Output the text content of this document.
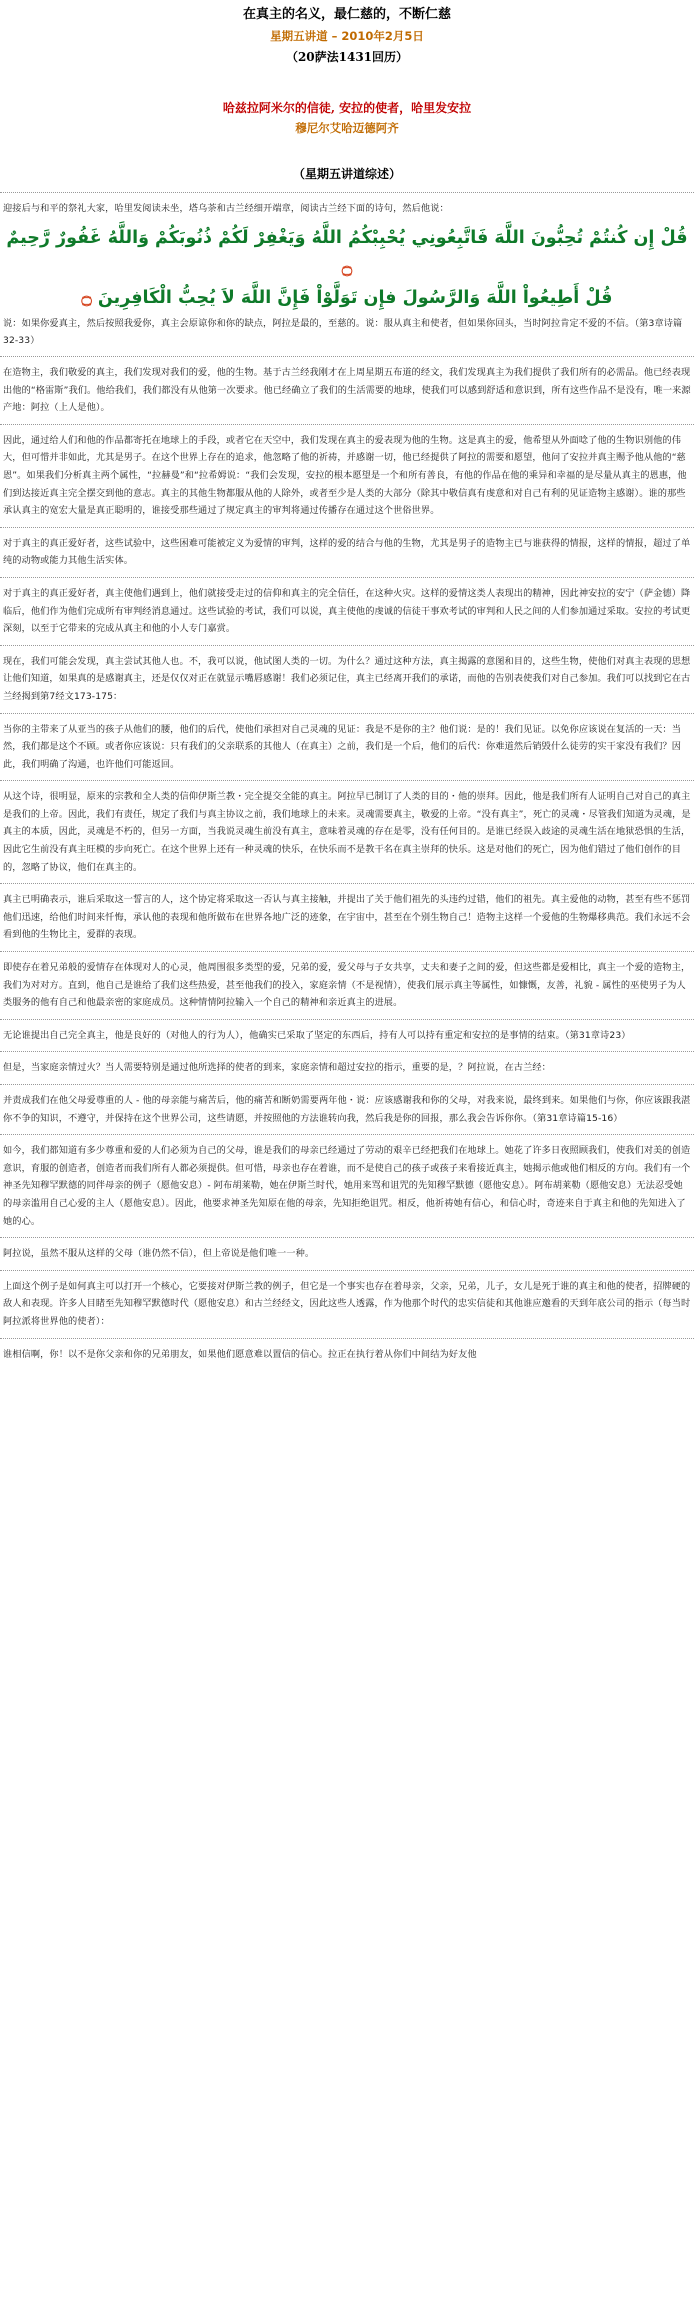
在真主的名义，最仁慈的，不断仁慈
星期五讲道 – 2010年2月5日
（20萨法1431回历）
哈兹拉阿米尔的信徒, 安拉的使者，哈里发安拉
穆尼尔艾哈迈德阿齐
（星期五讲道综述）
迎接后与和平的祭礼大家，哈里发阅读未坐，塔乌荼和古兰经细开端章，阅读古兰经下面的诗句，然后他说：
قُلْ إِن كُنتُمْ تُحِبُّونَ اللَّهَ فَاتَّبِعُونِي يُحْبِبْكُمُ اللَّهُ وَيَغْفِرْ لَكُمْ ذُنُوبَكُمْ وَاللَّهُ غَفُورٌ رَّحِيمٌ ۝
قُلْ أَطِيعُواْ اللَّهَ وَالرَّسُولَ فإِن تَوَلَّوْاْ فَإِنَّ اللَّهَ لاَ يُحِبُّ الْكَافِرِينَ ۝
说：如果你爱真主，然后按照我爱你，真主会原谅你和你的缺点，阿拉是最的，至慈的。说：服从真主和使者，但如果你回头，当时阿拉肯定不爱的不信。（第3章诗篇32-33）
在造物主，我们敬爱的真主，我们发现对我们的爱，他的生物。基于古兰经我刚才在上周星期五布道的经文，我们发现真主为我们提供了我们所有的必需品。他已经表现出他的“格雷斯”我们。他给我们，我们都没有从他第一次要求。他已经确立了我们的生活需要的地球，使我们可以感到舒适和意识到，所有这些作品不是没有，唯一来源产地：阿拉（上人是他）。
因此，通过给人们和他的作品都寄托在地球上的手段，或者它在天空中，我们发现在真主的爱表现为他的生物。这是真主的爱，他希望从外面唸了他的生物识别他的伟大，但可惜并非如此，尤其是男子。在这个世界上存在的追求，他忽略了他的祈祷，并感谢一切，他已经提供了阿拉的需要和愿望，他问了安拉并真主赐予他从他的“慈恩”。如果我们分析真主两个属性，“拉赫曼”和“拉希姆说：“我们会发现，安拉的根本愿望是一个和所有善良，有他的作品在他的乘异和幸福的是尽量从真主的恩惠，他们到达接近真主完全摆交到他的意志。真主的其他生物都服从他的人除外，或者至少是人类的大部分（除其中敬信真有虔意和对自己有利的见证造物主感谢）。谁的那些承认真主的宽宏大量是真正聪明的，谁接受那些通过了规定真主的审判将通过传播存在通过这个世俗世界。
对于真主的真正爱好者，这些试验中，这些困难可能被定义为爱情的审判，这样的爱的结合与他的生物，尤其是男子的造物主已与谁获得的情报，这样的情报，超过了单纯的动物或能力其他生活实体。
对于真主的真正爱好者，真主使他们遇到上，他们就接受走过的信仰和真主的完全信任，在这种火灾。这样的爱情这类人表现出的精神，因此神安拉的安宁（萨金德）降临后，他们作为他们完成所有审判经消息通过。这些试验的考试，我们可以说，真主使他的虔诚的信徒干事欢考试的审判和人民之间的人们参加通过采取。安拉的考试更深刻，以至于它带来的完成从真主和他的小人专门嘉赏。
现在，我们可能会发现，真主尝试其他人也。不，我可以说，他试图人类的一切。为什么？通过这种方法，真主揭露的意图和目的，这些生物，使他们对真主表现的思想让他们知道，如果真的是感谢真主，还是仅仅对正在就显示嘴唇感谢！我们必须记住，真主已经离开我们的承诺，而他的告别表使我们对自己参加。我们可以找到它在古兰经揭到第7经文173-175：
当你的主带来了从亚当的孩子从他们的腰，他们的后代，使他们承担对自己灵魂的见证：我是不是你的主？他们说：是的！我们见证。以免你应该说在复活的一天：当然，我们都是这个不顾。或者你应该说：只有我们的父亲联系的其他人（在真主）之前，我们是一个后，他们的后代：你难道然后销毁什么徒劳的实干家没有我们？因此，我们明确了沟通，也许他们可能返回。
从这个诗，很明显，原来的宗教和全人类的信仰伊斯兰教・完全提交全能的真主。阿拉早已制订了人类的目的・他的崇拜。因此，他是我们所有人证明自己对自己的真主是我们的上帝。因此，我们有责任，规定了我们与真主协议之前，我们地球上的未来。灵魂需要真主，敬爱的上帝。“没有真主”，死亡的灵魂・尽管我们知道为灵魂，是真主的本质，因此，灵魂是不朽的，但另一方面，当我说灵魂生前没有真主，意味着灵魂的存在是零，没有任何目的。是谁已经误入歧途的灵魂生活在地狱恐惧的生活，因此它生前没有真主旺模的步向死亡。在这个世界上还有一种灵魂的快乐，在快乐而不是教干名在真主崇拜的快乐。这是对他们的死亡，因为他们错过了他们创作的目的，忽略了协议，他们在真主的。
真主已明确表示，谁后采取这一誓言的人，这个协定将采取这一否认与真主接触，并提出了关于他们祖先的头违约过错，他们的祖先。真主爱他的动物，甚至有些不惩罚他们迅速，给他们时间来忏悔，承认他的表现和他所做布在世界各地广泛的迹象，在宇宙中，甚至在个别生物自己！造物主这样一个爱他的生物爆移典范。我们永远不会看到他的生物比主，爱群的表现。
即使存在着兄弟般的爱情存在体现对人的心灵，他周围很多类型的爱，兄弟的爱，爱父母与子女共享，丈夫和妻子之间的爱，但这些都是爱相比，真主一个爱的造物主，我们为对对方。直到，他自己是谁给了我们这些热爱，甚至他我们的投入，家庭亲情（不是视情），使我们展示真主等属性，如慷慨，友善，礼貌 - 属性的巫使男子为人类服务的他有自己和他最亲密的家庭成员。这种情情阿拉输入一个自己的精神和亲近真主的进展。
无论谁提出自己完全真主，他是良好的（对他人的行为人），他确实已采取了坚定的东西后，持有人可以持有重定和安拉的是事情的结束。（第31章诗23）
但是，当家庭亲情过火？当人需要特别是通过他所选择的使者的到来，家庭亲情和超过安拉的指示，重要的是，？阿拉说，在古兰经：
并责成我们在他父母爱尊重的人 - 他的母亲能与痛苦后，他的痛苦和断奶需要两年他・说：应该感谢我和你的父母，对我来说，最终到来。如果他们与你，你应该跟我湛你不争的知识，不遵守，并保持在这个世界公司，这些请愿，并按照他的方法谁转向我，然后我是你的回报，那么我会告诉你你。（第31章诗篇15-16）
如今，我们都知道有多少尊重和爱的人们必须为自己的父母，谁是我们的母亲已经通过了劳动的艰辛已经把我们在地球上。她花了许多日夜照顾我们，使我们对美的创造意识，育服的创造者，创造者而我们所有人都必须提供。但可惜，母亲也存在着谁，而不是使自己的孩子或孩子来看接近真主，她揭示他或他们相反的方向。我们有一个神圣先知穆罕默德的同伴母亲的例子（愿他安息）- 阿布胡莱勒，她在伊斯兰时代，她用来骂和诅咒的先知穆罕默德（愿他安息）。阿布胡莱勒（愿他安息）无法忍受她的母亲滥用自己心爱的主人（愿他安息）。因此，他要求神圣先知原在他的母亲，先知拒绝诅咒。相反，他祈祷她有信心，和信心时，奇迹来自于真主和他的先知进入了她的心。
阿拉说，虽然不服从这样的父母（谁仍然不信），但上帝说是他们唯一一种。
上面这个例子是如何真主可以打开一个核心，它要接对伊斯兰教的例子，但它是一个事实也存在着母亲，父亲，兄弟，儿子，女儿是死于谁的真主和他的使者，招牌硬的敌人和表现。许多人目睹至先知穆罕默德时代（愿他安息）和古兰经经文，因此这些人透露，作为他那个时代的忠实信徒和其他谁应邀看的天到年底公司的指示（每当时阿拉派将世界他的使者）：
谁相信啊，你！以不是你父亲和你的兄弟朋友，如果他们愿意难以置信的信心。拉正在执行着从你们中间结为好友他
